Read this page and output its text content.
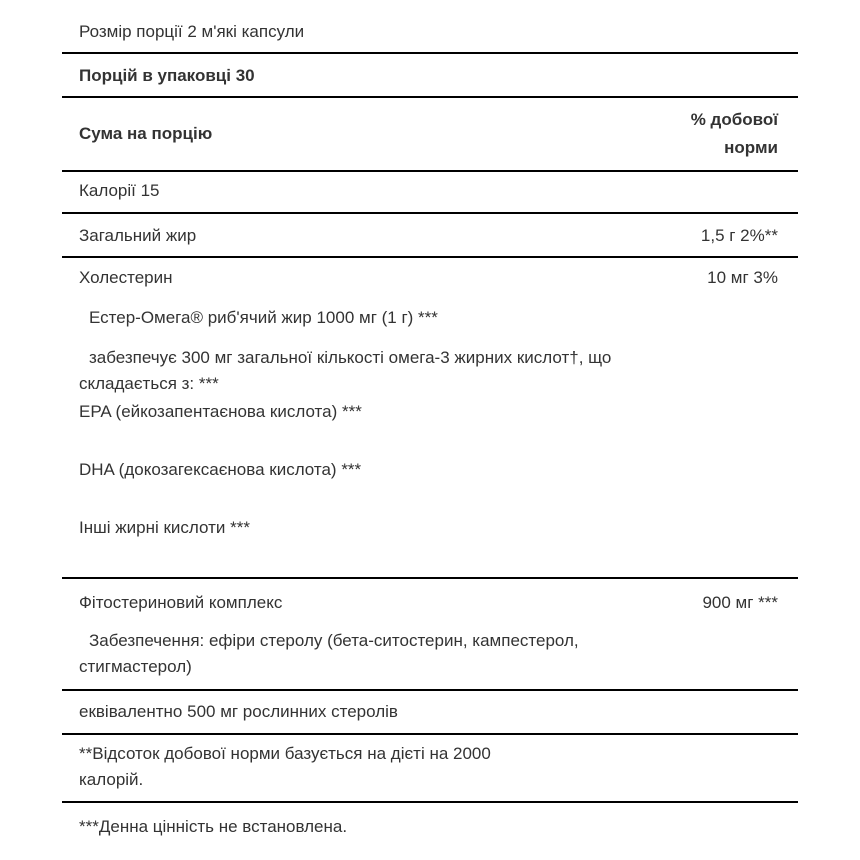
Розмір порції 2 м'які капсули
Порцій в упаковці 30
Сума на порцію
% добової
норми
Калорії 15
Загальний жир	1,5 г 2%**
Холестерин	10 мг 3%
Естер-Омега® риб'ячий жир 1000 мг (1 г) ***
забезпечує 300 мг загальної кількості омега-3 жирних кислот†, що
складається з: ***
EPA (ейкозапентаєнова кислота) ***
DHA (докозагексаєнова кислота) ***
Інші жирні кислоти ***
Фітостериновий комплекс	900 мг ***
Забезпечення: ефіри стеролу (бета-ситостерин, кампестерол,
стигмастерол)
еквівалентно 500 мг рослинних стеролів
**Відсоток добової норми базується на дієті на 2000
калорій.
***Денна цінність не встановлена.
